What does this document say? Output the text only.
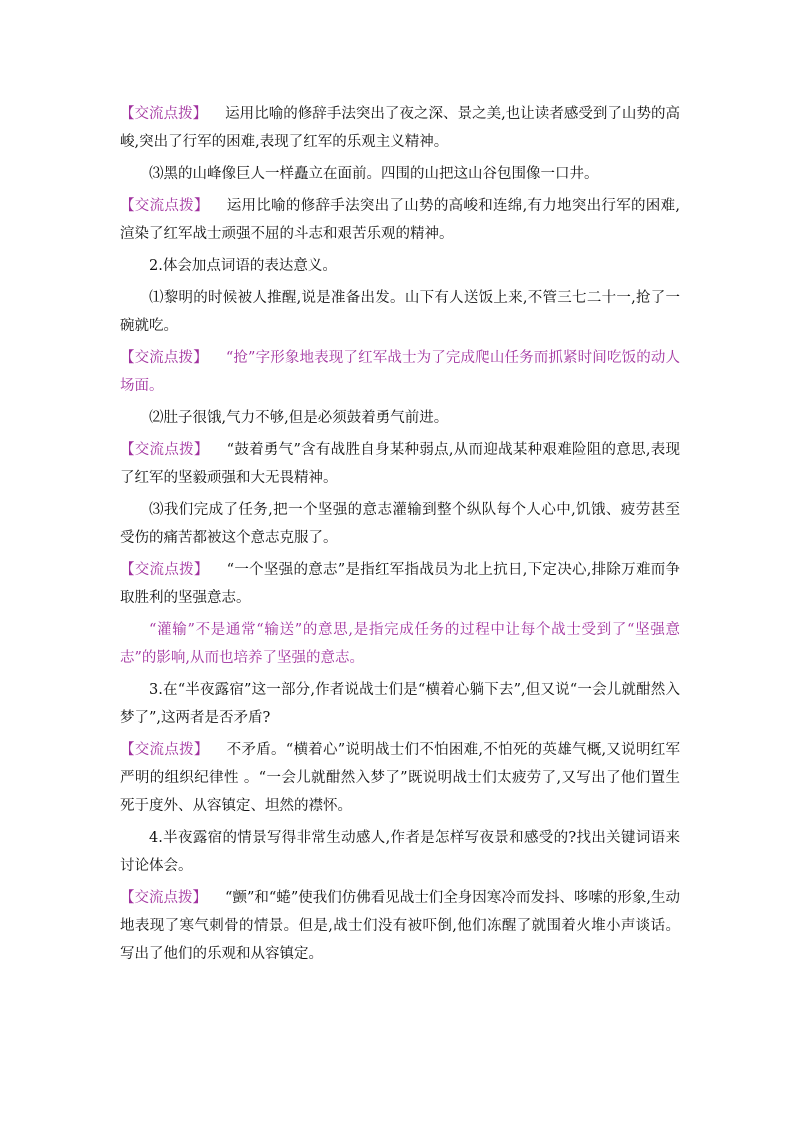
【交流点拨】 运用比喻的修辞手法突出了夜之深、景之美,也让读者感受到了山势的高峻,突出了行军的困难,表现了红军的乐观主义精神。

⑶黑的山峰像巨人一样矗立在面前。四围的山把这山谷包围像一口井。

【交流点拨】 运用比喻的修辞手法突出了山势的高峻和连绵,有力地突出行军的困难,渲染了红军战士顽强不屈的斗志和艰苦乐观的精神。

2.体会加点词语的表达意义。

⑴黎明的时候被人推醒,说是准备出发。山下有人送饭上来,不管三七二十一,抢了一碗就吃。

【交流点拨】 “抢”字形象地表现了红军战士为了完成爬山任务而抓紧时间吃饭的动人场面。

⑵肚子很饿,气力不够,但是必须鼓着勇气前进。

【交流点拨】 “鼓着勇气”含有战胜自身某种弱点,从而迎战某种艰难险阻的意思,表现了红军的坚毅顽强和大无畏精神。

⑶我们完成了任务,把一个坚强的意志灌输到整个纵队每个人心中,饥饿、疲劳甚至受伤的痛苦都被这个意志克服了。

【交流点拨】 “一个坚强的意志”是指红军指战员为北上抗日,下定决心,排除万难而争取胜利的坚强意志。

“灌输”不是通常“输送”的意思,是指完成任务的过程中让每个战士受到了“坚强意志”的影响,从而也培养了坚强的意志。

3.在“半夜露宿”这一部分,作者说战士们是“横着心躺下去”,但又说“一会儿就酣然入梦了”,这两者是否矛盾?

【交流点拨】 不矛盾。“横着心”说明战士们不怕困难,不怕死的英雄气概,又说明红军严明的组织纪律性 。“一会儿就酣然入梦了”既说明战士们太疲劳了,又写出了他们置生死于度外、从容镇定、坦然的襟怀。

4.半夜露宿的情景写得非常生动感人,作者是怎样写夜景和感受的?找出关键词语来讨论体会。

【交流点拨】 “颤”和“蜷”使我们仿佛看见战士们全身因寒冷而发抖、哆嗦的形象,生动地表现了寒气刺骨的情景。但是,战士们没有被吓倒,他们冻醒了就围着火堆小声谈话。写出了他们的乐观和从容镇定。
